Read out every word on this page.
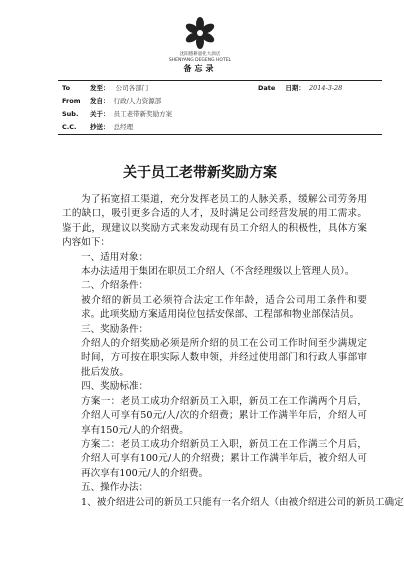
沈阳德耕量化大酒店
SHENYANG DEGENG HOTEL
备忘录
To	发至： 公司各部门	Date 日期： 2014-3-28
From 发自： 行政/人力资源部
Sub. 关于： 员工老带新奖励方案
C.C. 抄送： 总经理
关于员工老带新奖励方案

为了拓宽招工渠道，充分发挥老员工的人脉关系，缓解公司劳务用工的缺口，吸引更多合适的人才，及时满足公司经营发展的用工需求。鉴于此，现建议以奖励方式来发动现有员工介绍人的积极性，具体方案内容如下：

一、适用对象：

本办法适用于集团在职员工介绍人（不含经理级以上管理人员）。

二、介绍条件：

被介绍的新员工必须符合法定工作年龄，适合公司用工条件和要求。此项奖励方案适用岗位包括安保部、工程部和物业部保洁员。

三、奖励条件：

介绍人的介绍奖励必须是所介绍的员工在公司工作时间至少满规定时间，方可按在职实际人数申领，并经过使用部门和行政人事部审批后发放。

四、奖励标准：

方案一：老员工成功介绍新员工入职，新员工在工作满两个月后，介绍人可享有50元/人/次的介绍费；累计工作满半年后，介绍人可享有150元/人的介绍费。

方案二：老员工成功介绍新员工入职，新员工在工作满三个月后，介绍人可享有100元/人的介绍费；累计工作满半年后，被介绍人可再次享有100元/人的介绍费。

五、操作办法：

1、被介绍进公司的新员工只能有一名介绍人（由被介绍进公司的新员工确定
